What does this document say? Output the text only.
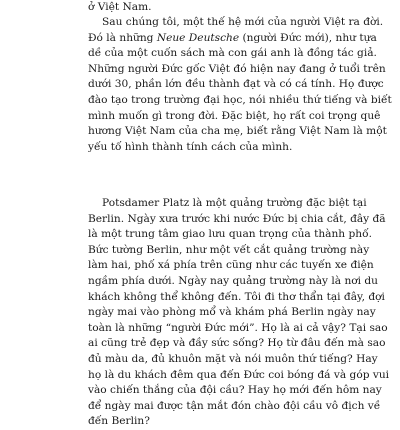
ở Việt Nam.
Sau chúng tôi, một thế hệ mới của người Việt ra đời.
Đó là những Neue Deutsche (người Đức mới), như tựa
dề của một cuốn sách mà con gái anh là đồng tác giả.
Những người Đức gốc Việt đó hiện nay đang ở tuổi trên
dưới 30, phần lớn đều thành đạt và có cá tính. Họ được
đào tạo trong trường đại học, nói nhiều thứ tiếng và biết
mình muốn gì trong đời. Đặc biệt, họ rất coi trọng quê
hương Việt Nam của cha mẹ, biết rằng Việt Nam là một
yếu tố hình thành tính cách của mình.
Potsdamer Platz là một quảng trường đặc biệt tại
Berlin. Ngày xưa trước khi nước Đức bị chia cắt, đây đã
là một trung tâm giao lưu quan trọng của thành phố.
Bức tường Berlin, như một vết cắt quảng trường này
làm hai, phố xá phía trên cũng như các tuyến xe điện
ngầm phía dưới. Ngày nay quảng trường này là nơi du
khách không thể không đến. Tôi đi thơ thẩn tại đây, đợi
ngày mai vào phòng mổ và khám phá Berlin ngày nay
toàn là những “người Đức mới”. Họ là ai cả vậy? Tại sao
ai cũng trẻ đẹp và đầy sức sống? Họ từ đâu đến mà sao
đủ màu da, đủ khuôn mặt và nói muôn thứ tiếng? Hay
họ là du khách đêm qua đến Đức coi bóng đá và góp vui
vào chiến thắng của đội cầu? Hay họ mới đến hôm nay
để ngày mai được tận mắt đón chào đội cầu vô địch về
đến Berlin?
